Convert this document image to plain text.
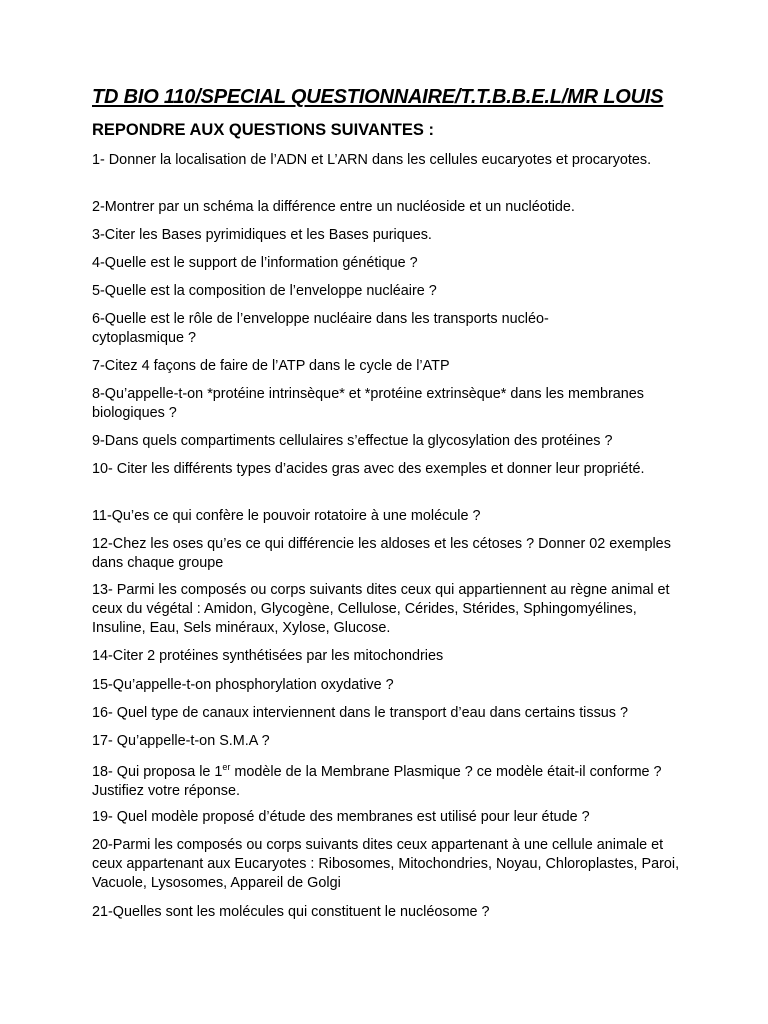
TD BIO 110/SPECIAL QUESTIONNAIRE/T.T.B.B.E.L/MR LOUIS
REPONDRE AUX QUESTIONS SUIVANTES :
1- Donner la localisation de l’ADN et L’ARN dans les cellules eucaryotes et procaryotes.
2-Montrer par un schéma la différence entre un nucléoside et un nucléotide.
3-Citer les Bases pyrimidiques et les Bases puriques.
4-Quelle est le support de l’information génétique ?
5-Quelle est la composition de l’enveloppe nucléaire ?
6-Quelle est le rôle de l’enveloppe nucléaire dans les transports nucléo-
cytoplasmique ?
7-Citez 4 façons de faire de l’ATP dans le cycle de l’ATP
8-Qu’appelle-t-on *protéine intrinsèque* et *protéine extrinsèque* dans les membranes biologiques ?
9-Dans quels compartiments cellulaires s’effectue la glycosylation des protéines ?
10- Citer les différents types d’acides gras avec des exemples et donner leur propriété.
11-Qu’es ce qui confère le pouvoir rotatoire à une molécule ?
12-Chez les oses qu’es ce qui différencie les aldoses et les cétoses ? Donner 02 exemples dans chaque groupe
13- Parmi les composés ou corps suivants dites ceux qui appartiennent au règne animal et ceux du végétal : Amidon, Glycogène, Cellulose, Cérides, Stérides, Sphingomyélines, Insuline, Eau, Sels minéraux, Xylose, Glucose.
14-Citer 2 protéines synthétisées par les mitochondries
15-Qu’appelle-t-on phosphorylation oxydative ?
16- Quel type de canaux interviennent dans le transport d’eau dans certains tissus ?
17- Qu’appelle-t-on S.M.A ?
18- Qui proposa le 1er modèle de la Membrane Plasmique ? ce modèle était-il conforme ? Justifiez votre réponse.
19- Quel modèle proposé d’étude des membranes est utilisé pour leur étude ?
20-Parmi les composés ou corps suivants dites ceux appartenant à une cellule animale et ceux appartenant aux Eucaryotes : Ribosomes, Mitochondries, Noyau, Chloroplastes, Paroi, Vacuole, Lysosomes, Appareil de Golgi
21-Quelles sont les molécules qui constituent le nucléosome ?
